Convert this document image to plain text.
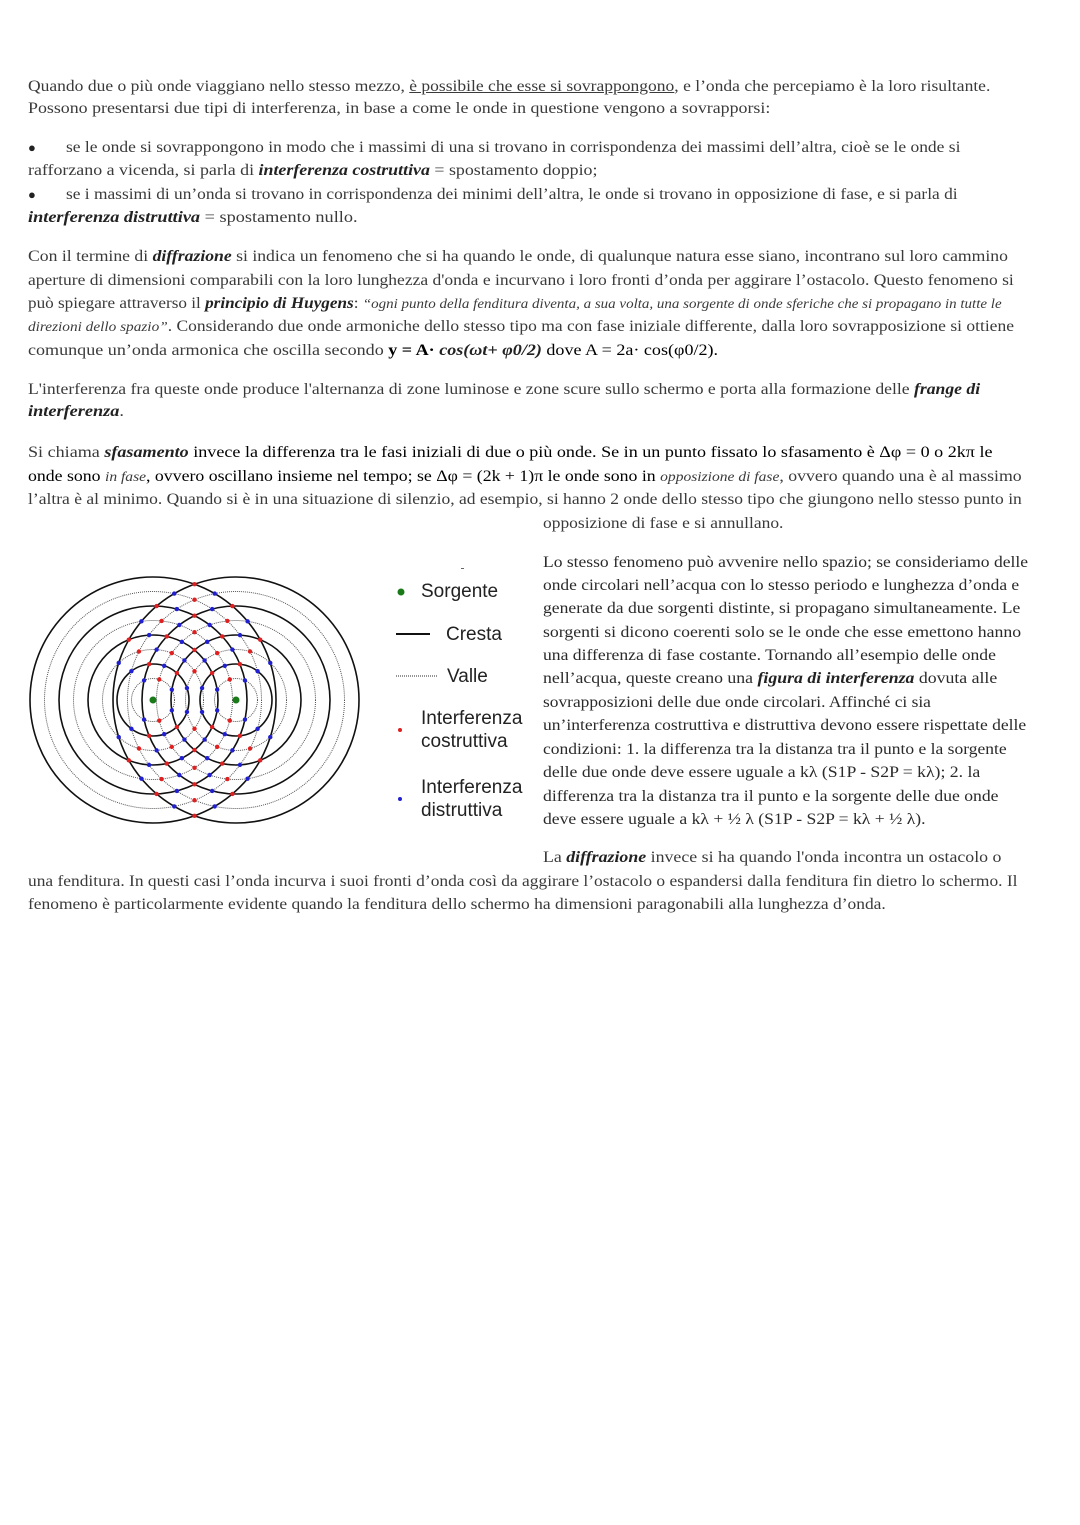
Quando due o più onde viaggiano nello stesso mezzo, è possibile che esse si sovrappongono, e l’onda che percepiamo è la loro risultante.
Possono presentarsi due tipi di interferenza, in base a come le onde in questione vengono a sovrapporsi:
se le onde si sovrappongono in modo che i massimi di una si trovano in corrispondenza dei massimi dell’altra, cioè se le onde si
●
rafforzano a vicenda, si parla di interferenza costruttiva = spostamento doppio;
se i massimi di un’onda si trovano in corrispondenza dei minimi dell’altra, le onde si trovano in opposizione di fase, e si parla di
●
interferenza distruttiva = spostamento nullo.
Con il termine di diffrazione si indica un fenomeno che si ha quando le onde, di qualunque natura esse siano, incontrano sul loro cammino
aperture di dimensioni comparabili con la loro lunghezza d'onda e incurvano i loro fronti d’onda per aggirare l’ostacolo. Questo fenomeno si
può spiegare attraverso il principio di Huygens: “ogni punto della fenditura diventa, a sua volta, una sorgente di onde sferiche che si propagano in tutte le
direzioni dello spazio”. Considerando due onde armoniche dello stesso tipo ma con fase iniziale differente, dalla loro sovrapposizione si ottiene
comunque un’onda armonica che oscilla secondo y = A· cos(ωt+ φ0/2) dove A = 2a· cos(φ0/2).
L'interferenza fra queste onde produce l'alternanza di zone luminose e zone scure sullo schermo e porta alla formazione delle frange di
interferenza.
Si chiama sfasamento invece la differenza tra le fasi iniziali di due o più onde. Se in un punto fissato lo sfasamento è Δφ = 0 o 2kπ le
onde sono in fase, ovvero oscillano insieme nel tempo; se Δφ = (2k + 1)π le onde sono in opposizione di fase, ovvero quando una è al massimo
l’altra è al minimo. Quando si è in una situazione di silenzio, ad esempio, si hanno 2 onde dello stesso tipo che giungono nello stesso punto in
opposizione di fase e si annullano.
Lo stesso fenomeno può avvenire nello spazio; se consideriamo delle
onde circolari nell’acqua con lo stesso periodo e lunghezza d’onda e
generate da due sorgenti distinte, si propagano simultaneamente. Le
sorgenti si dicono coerenti solo se le onde che esse emettono hanno
una differenza di fase costante. Tornando all’esempio delle onde
nell’acqua, queste creano una figura di interferenza dovuta alle
sovrapposizioni delle due onde circolari. Affinché ci sia
un’interferenza costruttiva e distruttiva devono essere rispettate delle
condizioni: 1. la differenza tra la distanza tra il punto e la sorgente
delle due onde deve essere uguale a kλ (S1P - S2P = kλ); 2. la
differenza tra la distanza tra il punto e la sorgente delle due onde
deve essere uguale a kλ + ½ λ (S1P - S2P = kλ + ½ λ).
La diffrazione invece si ha quando l'onda incontra un ostacolo o
una fenditura. In questi casi l’onda incurva i suoi fronti d’onda così da aggirare l’ostacolo o espandersi dalla fenditura fin dietro lo schermo. Il
fenomeno è particolarmente evidente quando la fenditura dello schermo ha dimensioni paragonabili alla lunghezza d’onda.
Sorgente
Cresta
Valle
Interferenza
costruttiva
Interferenza
distruttiva
